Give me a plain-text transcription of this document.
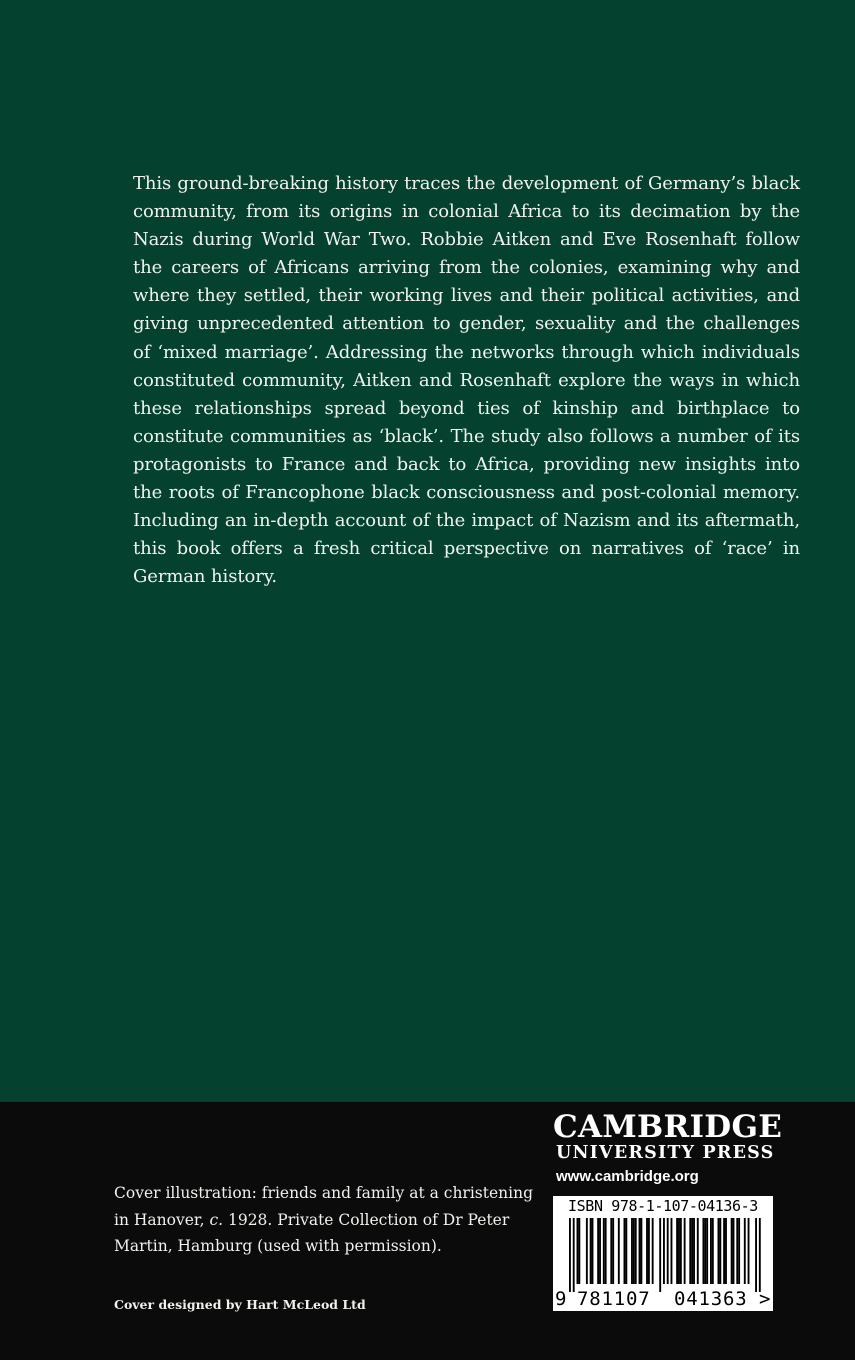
This ground-breaking history traces the development of Germany’s black community, from its origins in colonial Africa to its decimation by the Nazis during World War Two. Robbie Aitken and Eve Rosenhaft follow the careers of Africans arriving from the colonies, examining why and where they settled, their working lives and their political activities, and giving unprecedented attention to gender, sexuality and the challenges of ‘mixed marriage’. Addressing the networks through which individuals constituted community, Aitken and Rosenhaft explore the ways in which these relationships spread beyond ties of kinship and birthplace to constitute communities as ‘black’. The study also follows a number of its protagonists to France and back to Africa, providing new insights into the roots of Francophone black consciousness and post-colonial memory. Including an in-depth account of the impact of Nazism and its aftermath, this book offers a fresh critical perspective on narratives of ‘race’ in German history.

Cover illustration: friends and family at a christening in Hanover, c. 1928. Private Collection of Dr Peter Martin, Hamburg (used with permission).

Cover designed by Hart McLeod Ltd

CAMBRIDGE
UNIVERSITY PRESS
www.cambridge.org
ISBN 978-1-107-04136-3
9 781107 041363 >
